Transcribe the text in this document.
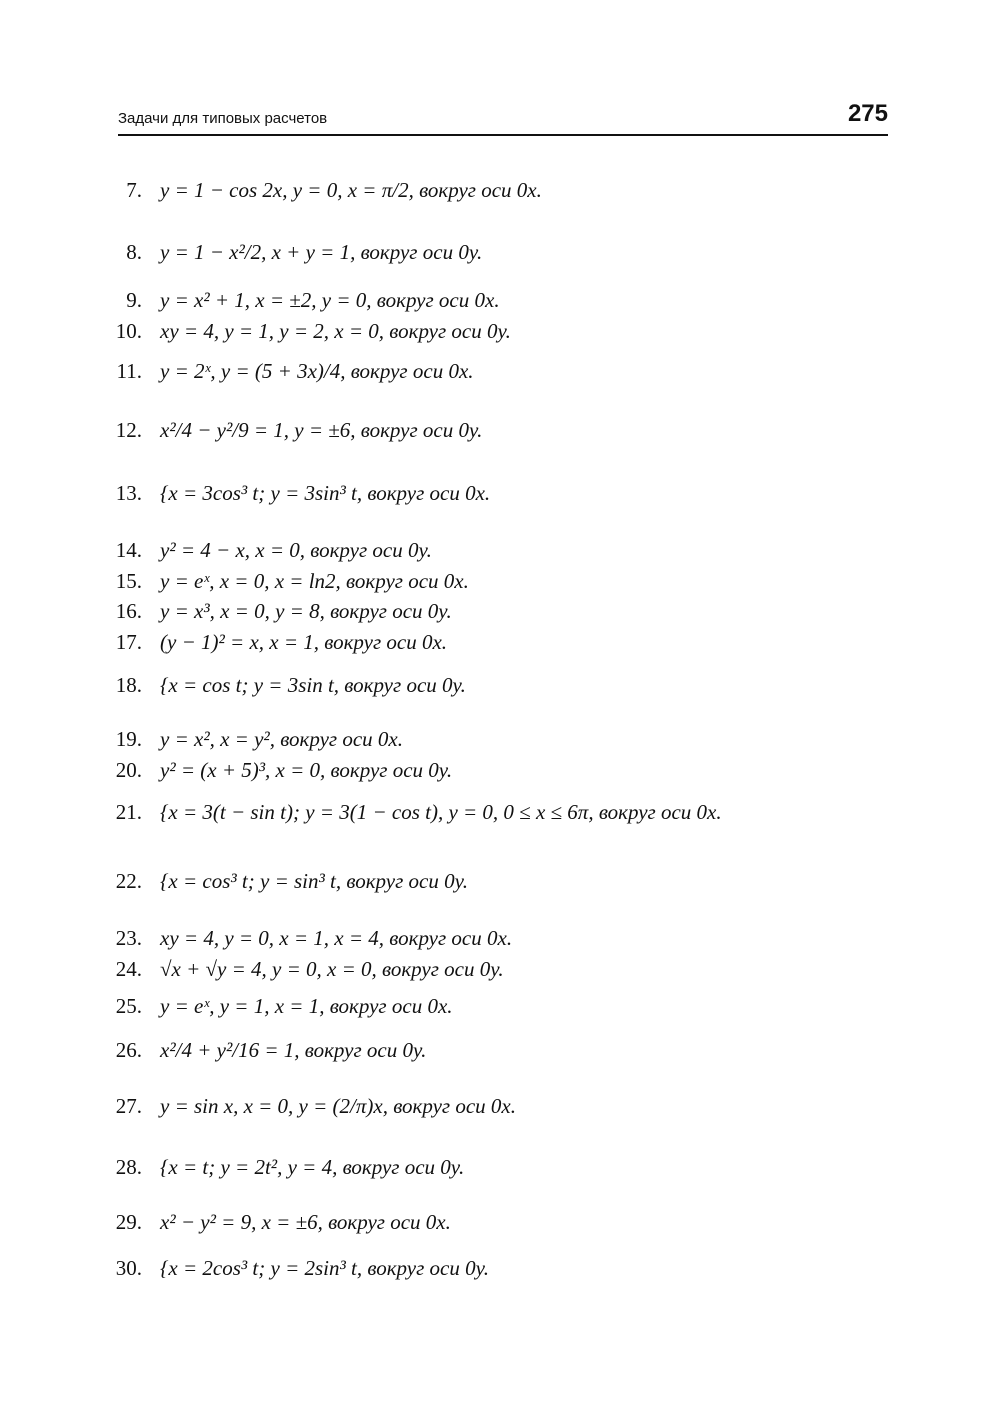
Задачи для типовых расчетов	275
7. y = 1 − cos 2x, y = 0, x = π/2, вокруг оси 0x.
8. y = 1 − x²/2, x + y = 1, вокруг оси 0y.
9. y = x² + 1, x = ±2, y = 0, вокруг оси 0x.
10. xy = 4, y = 1, y = 2, x = 0, вокруг оси 0y.
11. y = 2ˣ, y = (5 + 3x)/4, вокруг оси 0x.
12. x²/4 − y²/9 = 1, y = ±6, вокруг оси 0y.
13. {x = 3cos³ t; y = 3sin³ t, вокруг оси 0x.
14. y² = 4 − x, x = 0, вокруг оси 0y.
15. y = eˣ, x = 0, x = ln2, вокруг оси 0x.
16. y = x³, x = 0, y = 8, вокруг оси 0y.
17. (y − 1)² = x, x = 1, вокруг оси 0x.
18. {x = cos t; y = 3sin t, вокруг оси 0y.
19. y = x², x = y², вокруг оси 0x.
20. y² = (x + 5)³, x = 0, вокруг оси 0y.
21. {x = 3(t − sin t); y = 3(1 − cos t), y = 0, 0 ≤ x ≤ 6π, вокруг оси 0x.
22. {x = cos³ t; y = sin³ t, вокруг оси 0y.
23. xy = 4, y = 0, x = 1, x = 4, вокруг оси 0x.
24. √x + √y = 4, y = 0, x = 0, вокруг оси 0y.
25. y = eˣ, y = 1, x = 1, вокруг оси 0x.
26. x²/4 + y²/16 = 1, вокруг оси 0y.
27. y = sin x, x = 0, y = (2/π)x, вокруг оси 0x.
28. {x = t; y = 2t², y = 4, вокруг оси 0y.
29. x² − y² = 9, x = ±6, вокруг оси 0x.
30. {x = 2cos³ t; y = 2sin³ t, вокруг оси 0y.
